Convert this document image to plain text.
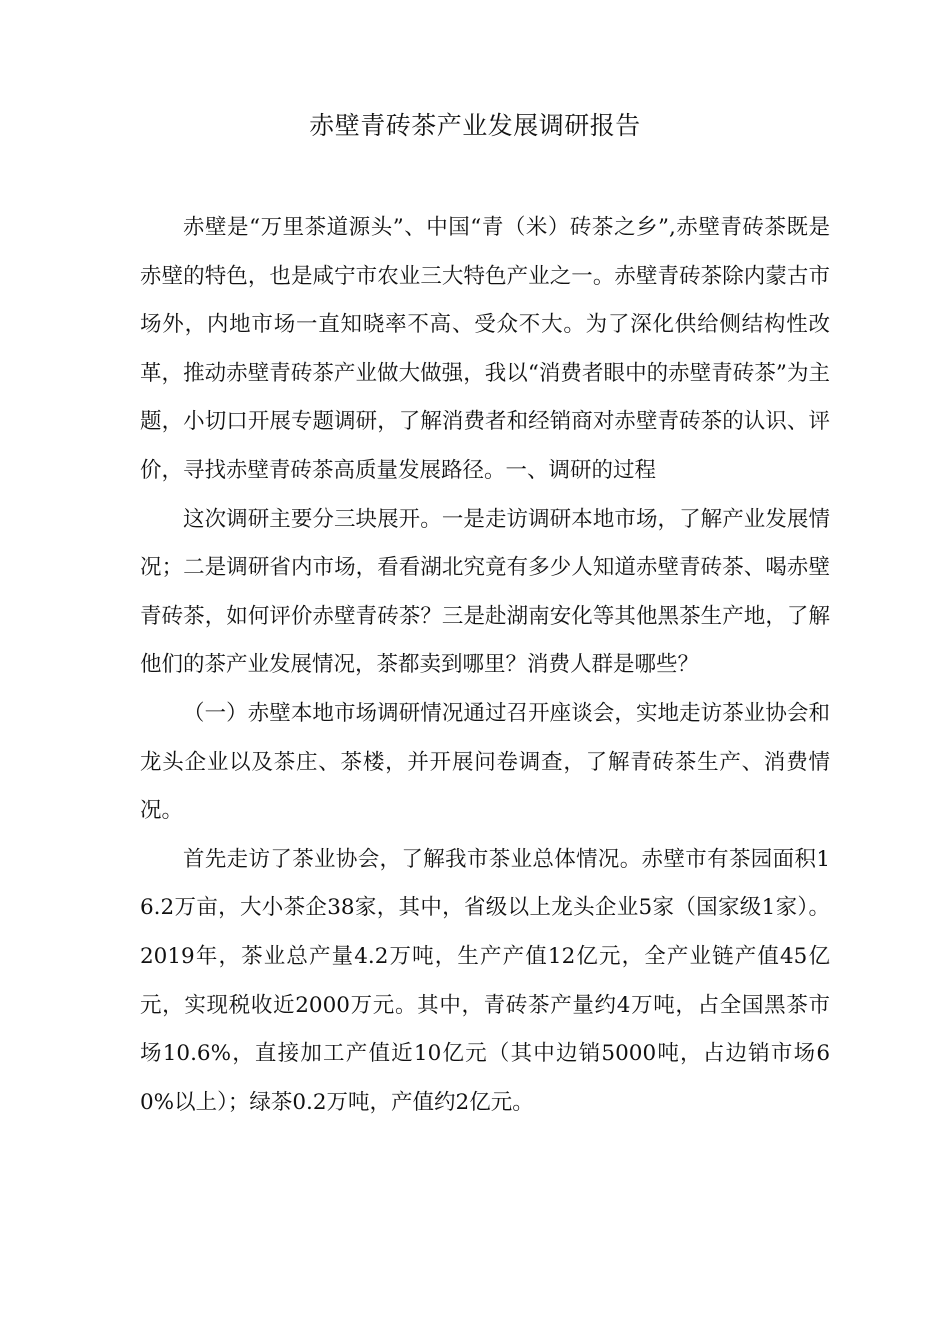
赤壁青砖茶产业发展调研报告

赤壁是“万里茶道源头”、中国“青（米）砖茶之乡”,赤壁青砖茶既是赤壁的特色，也是咸宁市农业三大特色产业之一。赤壁青砖茶除内蒙古市场外，内地市场一直知晓率不高、受众不大。为了深化供给侧结构性改革，推动赤壁青砖茶产业做大做强，我以“消费者眼中的赤壁青砖茶”为主题，小切口开展专题调研，了解消费者和经销商对赤壁青砖茶的认识、评价，寻找赤壁青砖茶高质量发展路径。一、调研的过程

这次调研主要分三块展开。一是走访调研本地市场，了解产业发展情况；二是调研省内市场，看看湖北究竟有多少人知道赤壁青砖茶、喝赤壁青砖茶，如何评价赤壁青砖茶？三是赴湖南安化等其他黑茶生产地，了解他们的茶产业发展情况，茶都卖到哪里？消费人群是哪些？

（一）赤壁本地市场调研情况通过召开座谈会，实地走访茶业协会和龙头企业以及茶庄、茶楼，并开展问卷调查，了解青砖茶生产、消费情况。

首先走访了茶业协会，了解我市茶业总体情况。赤壁市有茶园面积16.2万亩，大小茶企38家，其中，省级以上龙头企业5家（国家级1家）。2019年，茶业总产量4.2万吨，生产产值12亿元，全产业链产值45亿元，实现税收近2000万元。其中，青砖茶产量约4万吨，占全国黑茶市场10.6%，直接加工产值近10亿元（其中边销5000吨，占边销市场60%以上）；绿茶0.2万吨，产值约2亿元。
